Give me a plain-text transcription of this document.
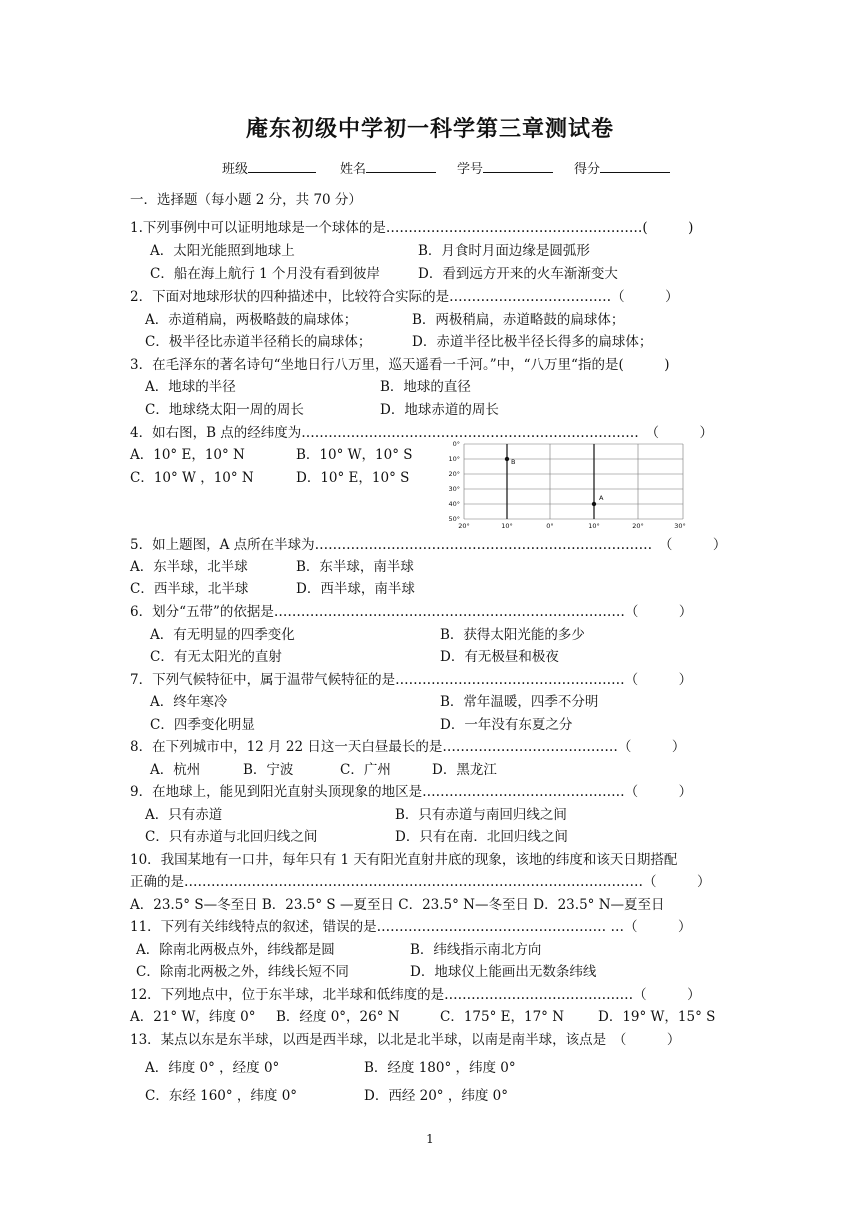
庵东初级中学初一科学第三章测试卷
班级	姓名	学号	得分
一．选择题（每小题 2 分，共 70 分）
1.下列事例中可以证明地球是一个球体的是…………………………………………………(　　　)
A．太阳光能照到地球上	B．月食时月面边缘是圆弧形
C．船在海上航行 1 个月没有看到彼岸	D．看到远方开来的火车渐渐变大
2．下面对地球形状的四种描述中，比较符合实际的是………………………………（　　　）
A．赤道稍扁，两极略鼓的扁球体；	B．两极稍扁，赤道略鼓的扁球体；
C．极半径比赤道半径稍长的扁球体；	D．赤道半径比极半径长得多的扁球体；
3．在毛泽东的著名诗句“坐地日行八万里，巡天遥看一千河。”中，“八万里“指的是(　　　)
A．地球的半径	B．地球的直径
C．地球绕太阳一周的周长	D．地球赤道的周长
4．如右图，B 点的经纬度为…………………………………………………………………　（　　　）
A．10° E，10° N	B．10° W，10° S
C．10° W ，10° N	D．10° E，10° S
0°
10°
20°
30°
40°
50°
20°	10°	0°	10°	20°	30°
B
A
5．如上题图，A 点所在半球为…………………………………………………………………　（　　　）
A．东半球，北半球	B．东半球，南半球
C．西半球，北半球	D．西半球，南半球
6．划分“五带”的依据是……………………………………………………………………（　　　）
A．有无明显的四季变化	B．获得太阳光能的多少
C．有无太阳光的直射	D．有无极昼和极夜
7．下列气候特征中，属于温带气候特征的是……………………………………………（　　　）
A．终年寒冷	B．常年温暖，四季不分明
C．四季变化明显	D．一年没有东夏之分
8．在下列城市中，12 月 22 日这一天白昼最长的是…………………………………（　　　）
A．杭州	B．宁波	C．广州	D．黑龙江
9．在地球上，能见到阳光直射头顶现象的地区是………………………………………（　　　）
A．只有赤道	B．只有赤道与南回归线之间
C．只有赤道与北回归线之间	D．只有在南．北回归线之间
10．我国某地有一口井，每年只有 1 天有阳光直射井底的现象，该地的纬度和该天日期搭配
正确的是…………………………………………………………………………………………（　　　）
A．23.5° S—冬至日 B．23.5° S —夏至日 C．23.5° N—冬至日 D．23.5° N—夏至日
11．下列有关纬线特点的叙述，错误的是…………………………………………… …（　　　）
A．除南北两极点外，纬线都是圆	B．纬线指示南北方向
C．除南北两极之外，纬线长短不同	D．地球仪上能画出无数条纬线
12．下列地点中，位于东半球，北半球和低纬度的是……………………………………（　　　）
A．21° W，纬度 0° B．经度 0°，26° N	C．175° E，17° N	D．19° W，15° S
13．某点以东是东半球，以西是西半球，以北是北半球，以南是南半球，该点是　（　　　）
A．纬度 0° ，经度 0°	B．经度 180° ，纬度 0°
C．东经 160° ，纬度 0°	D．西经 20° ，纬度 0°
1
